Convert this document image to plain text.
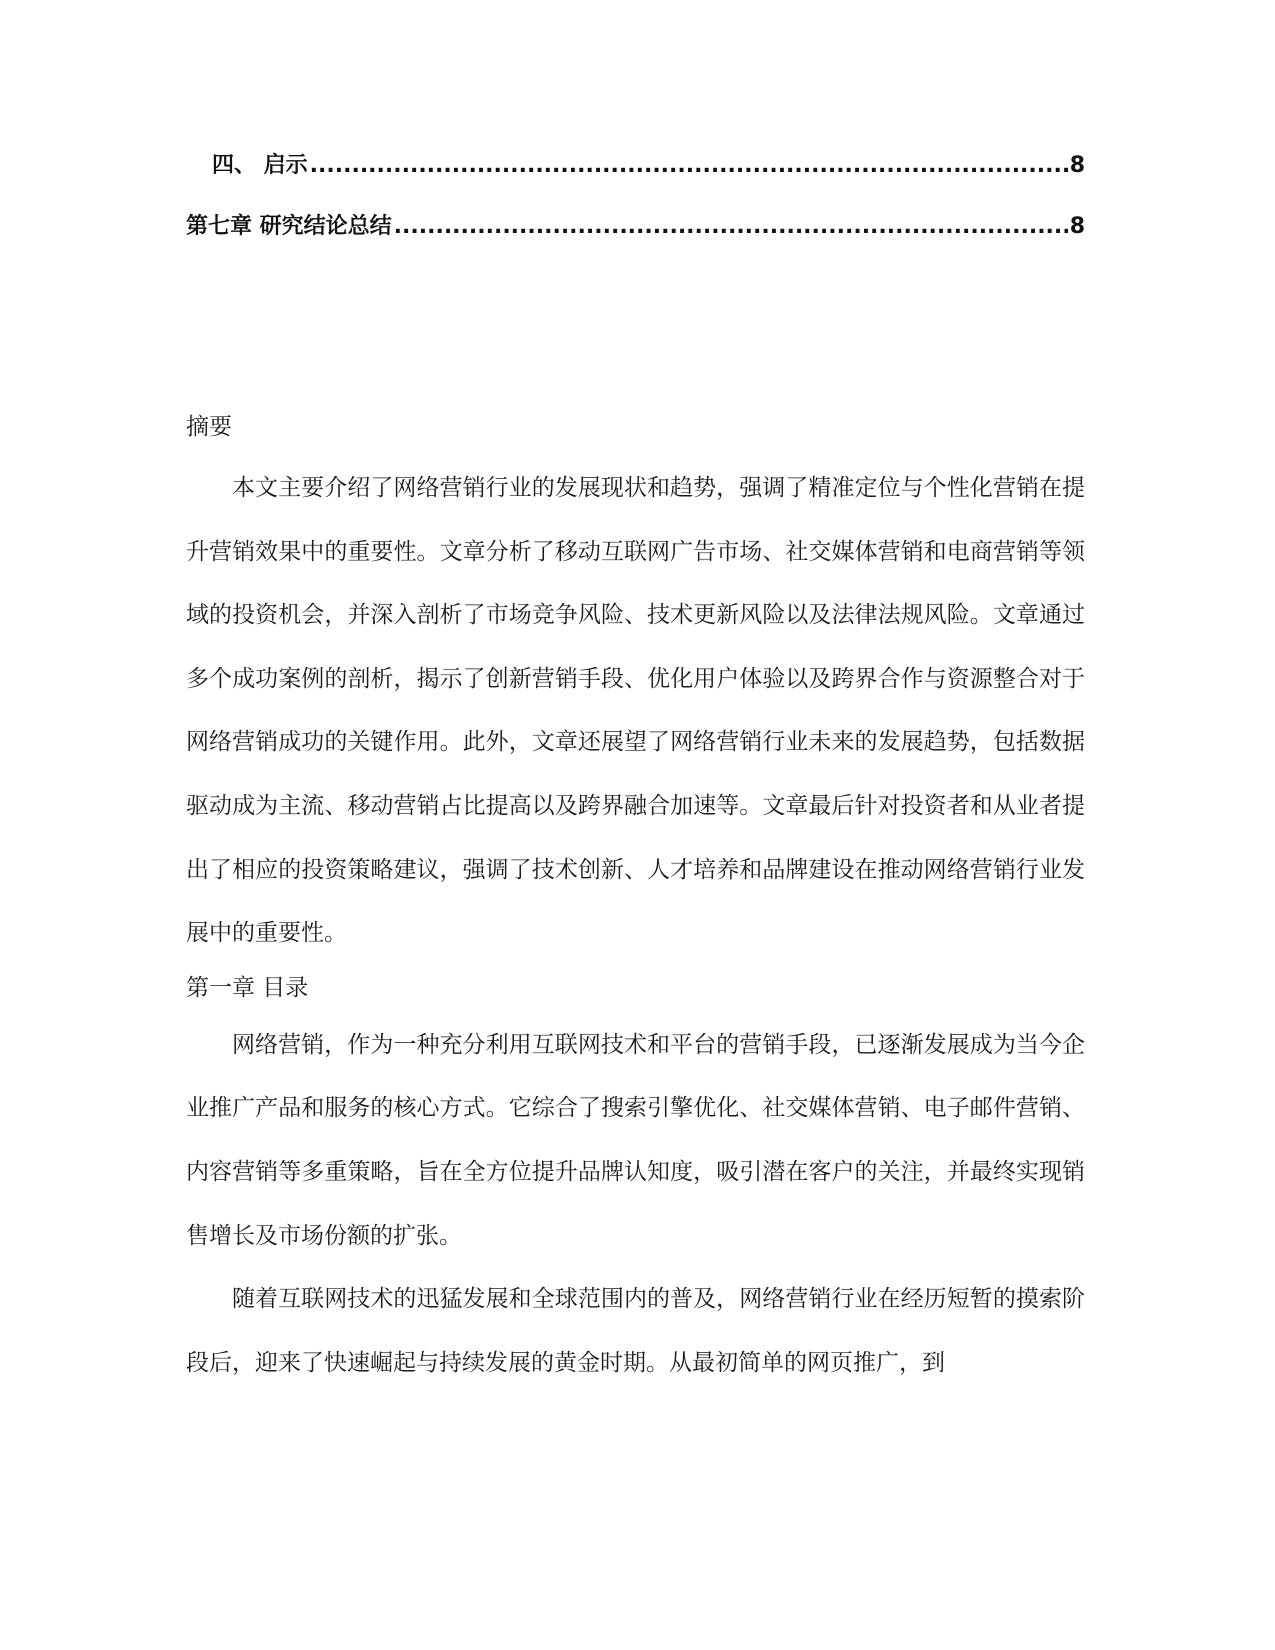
四、 启示 .....	8
第七章 研究结论总结 .....	8
摘要

本文主要介绍了网络营销行业的发展现状和趋势，强调了精准定位与个性化营销在提升营销效果中的重要性。文章分析了移动互联网广告市场、社交媒体营销和电商营销等领域的投资机会，并深入剖析了市场竞争风险、技术更新风险以及法律法规风险。文章通过多个成功案例的剖析，揭示了创新营销手段、优化用户体验以及跨界合作与资源整合对于网络营销成功的关键作用。此外，文章还展望了网络营销行业未来的发展趋势，包括数据驱动成为主流、移动营销占比提高以及跨界融合加速等。文章最后针对投资者和从业者提出了相应的投资策略建议，强调了技术创新、人才培养和品牌建设在推动网络营销行业发展中的重要性。

第一章 目录

网络营销，作为一种充分利用互联网技术和平台的营销手段，已逐渐发展成为当今企业推广产品和服务的核心方式。它综合了搜索引擎优化、社交媒体营销、电子邮件营销、内容营销等多重策略，旨在全方位提升品牌认知度，吸引潜在客户的关注，并最终实现销售增长及市场份额的扩张。

随着互联网技术的迅猛发展和全球范围内的普及，网络营销行业在经历短暂的摸索阶段后，迎来了快速崛起与持续发展的黄金时期。从最初简单的网页推广，到
